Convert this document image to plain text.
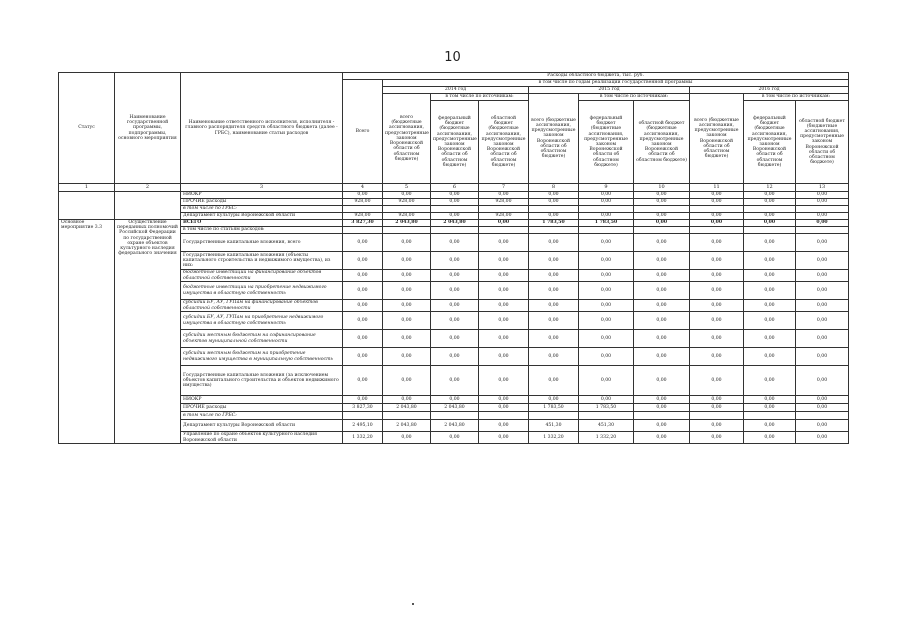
10
Статус	Наименование государственной программы, подпрограммы, основного мероприятия	Наименование ответственного исполнителя, исполнителя - главного распорядителя средств областного бюджета (далее - ГРБС), наименование статьи расходов	Расходы областного бюджета, тыс. руб.									
			Всего	в том числе по годам реализации государственной программы								
				2014 год			2015 год			2016 год		
				всего (бюджетные ассигнования, предусмотренные законом Воронежской области об областном бюджете)	в том числе по источникам:		всего (бюджетные ассигнования, предусмотренные законом Воронежской области об областном бюджете)	в том числе по источникам:		всего (бюджетные ассигнования, предусмотренные законом Воронежской области об областном бюджете)	в том числе по источникам:	
					федеральный бюджет (бюджетные ассигнования, предусмотренные законом Воронежской области об областном бюджете)	областной бюджет (бюджетные ассигнования, предусмотренные законом Воронежской области об областном бюджете)		федеральный бюджет (бюджетные ассигнования, предусмотренные законом Воронежской области об областном бюджете)	областной бюджет (бюджетные ассигнования, предусмотренные законом Воронежской области об областном бюджете)		федеральный бюджет (бюджетные ассигнования, предусмотренные законом Воронежской области об областном бюджете)	областной бюджет (бюджетные ассигнования, предусмотренные законом Воронежской области об областном бюджете)
1	2	3	4	5	6	7	8	9	10	11	12	13
		НИОКР	0,00	0,00	0,00	0,00	0,00	0,00	0,00	0,00	0,00	0,00
		ПРОЧИЕ расходы	928,00	928,00	0,00	928,00	0,00	0,00	0,00	0,00	0,00	0,00
		в том числе по ГРБС:										
		Департамент культуры Воронежской области	928,00	928,00	0,00	928,00	0,00	0,00	0,00	0,00	0,00	0,00
Основное мероприятие 3.3	Осуществление переданных полномочий Российской Федерации по государственной охране объектов культурного наследия федерального значения	ВСЕГО	3 827,30	2 043,80	2 043,80	0,00	1 783,50	1 783,50	0,00	0,00	0,00	0,00
		в том числе по статьям расходов:										
		Государственные капитальные вложения, всего	0,00	0,00	0,00	0,00	0,00	0,00	0,00	0,00	0,00	0,00
		Государственные капитальные вложения (объекты капитального строительства и недвижимого имущества), из них:	0,00	0,00	0,00	0,00	0,00	0,00	0,00	0,00	0,00	0,00
		бюджетные инвестиции на финансирование объектов областной собственности	0,00	0,00	0,00	0,00	0,00	0,00	0,00	0,00	0,00	0,00
		бюджетные инвестиции на приобретение недвижимого имущества в областную собственность	0,00	0,00	0,00	0,00	0,00	0,00	0,00	0,00	0,00	0,00
		субсидии БУ, АУ, ГУПам на финансирование объектов областной собственности	0,00	0,00	0,00	0,00	0,00	0,00	0,00	0,00	0,00	0,00
		субсидии БУ, АУ, ГУПам на приобретение недвижимого имущества в областную собственность	0,00	0,00	0,00	0,00	0,00	0,00	0,00	0,00	0,00	0,00
		субсидии местным бюджетам на софинансирование объектов муниципальной собственности	0,00	0,00	0,00	0,00	0,00	0,00	0,00	0,00	0,00	0,00
		субсидии местным бюджетам на приобретение недвижимого имущества в муниципальную собственность	0,00	0,00	0,00	0,00	0,00	0,00	0,00	0,00	0,00	0,00
		Государственные капитальные вложения (за исключением объектов капитального строительства и объектов недвижимого имущества)	0,00	0,00	0,00	0,00	0,00	0,00	0,00	0,00	0,00	0,00
		НИОКР	0,00	0,00	0,00	0,00	0,00	0,00	0,00	0,00	0,00	0,00
		ПРОЧИЕ расходы	3 827,30	2 043,80	2 043,80	0,00	1 783,50	1 783,50	0,00	0,00	0,00	0,00
		в том числе по ГРБС:										
		Департамент культуры Воронежской области	2 495,10	2 043,80	2 043,80	0,00	451,30	451,30	0,00	0,00	0,00	0,00
		Управление по охране объектов культурного наследия Воронежской области	1 332,20	0,00	0,00	0,00	1 332,20	1 332,20	0,00	0,00	0,00	0,00
